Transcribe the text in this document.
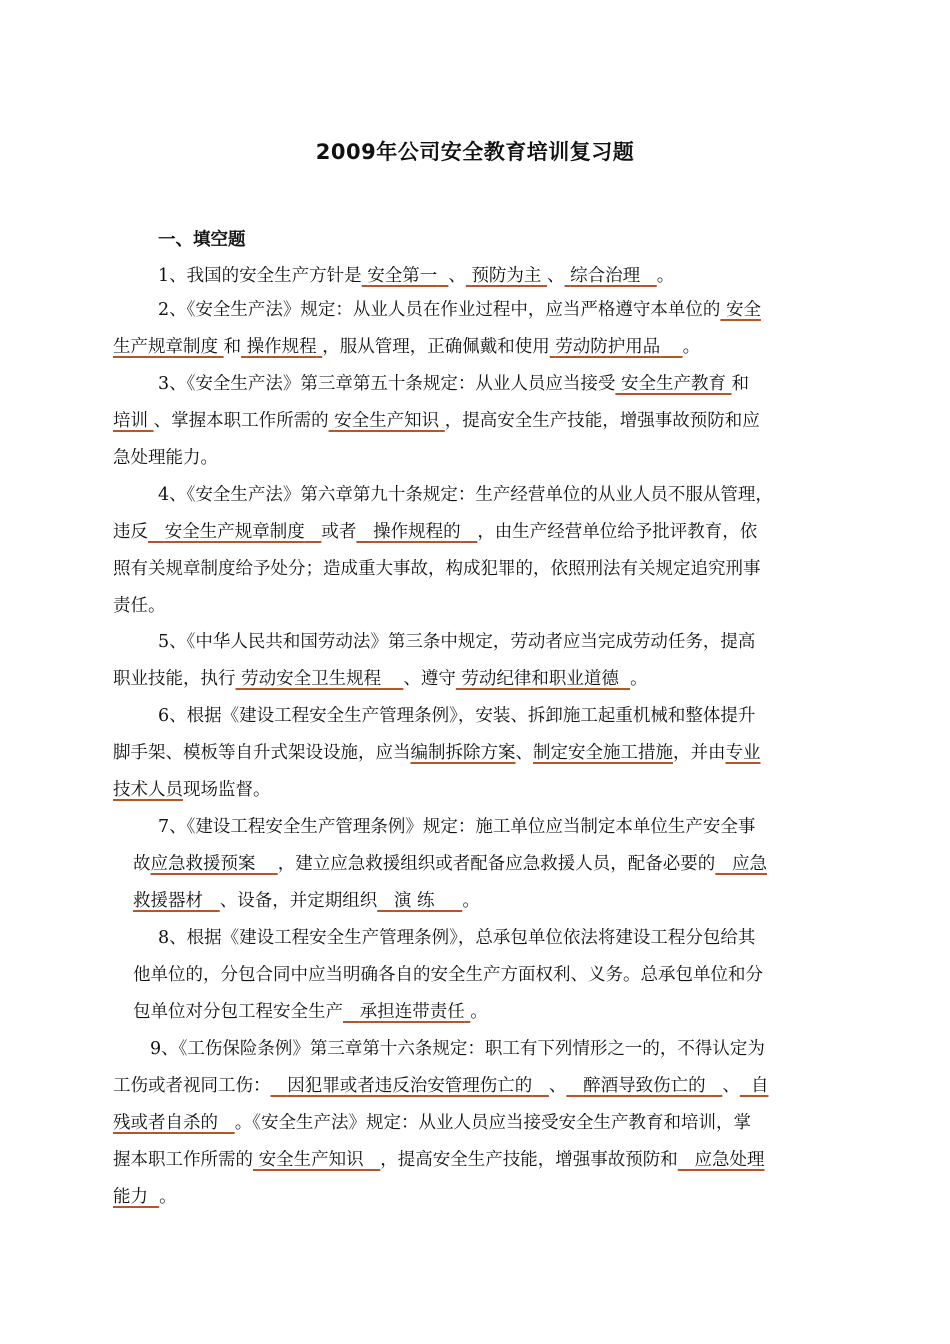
2009年公司安全教育培训复习题
一、填空题
1、我国的安全生产方针是 安全第一 、 预防为主 、 综合治理 。
2、《安全生产法》规定：从业人员在作业过程中，应当严格遵守本单位的 安全
生产规章制度 和 操作规程 ，服从管理，正确佩戴和使用 劳动防护用品 。
3、《安全生产法》第三章第五十条规定：从业人员应当接受 安全生产教育 和
培训 、掌握本职工作所需的 安全生产知识 ，提高安全生产技能，增强事故预防和应
急处理能力。
4、《安全生产法》第六章第九十条规定：生产经营单位的从业人员不服从管理，
违反 安全生产规章制度 或者 操作规程的 ，由生产经营单位给予批评教育，依
照有关规章制度给予处分；造成重大事故，构成犯罪的，依照刑法有关规定追究刑事
责任。
5、《中华人民共和国劳动法》第三条中规定，劳动者应当完成劳动任务，提高
职业技能，执行 劳动安全卫生规程 、遵守 劳动纪律和职业道德 。
6、根据《建设工程安全生产管理条例》，安装、拆卸施工起重机械和整体提升
脚手架、模板等自升式架设设施，应当编制拆除方案、制定安全施工措施，并由专业
技术人员现场监督。
7、《建设工程安全生产管理条例》规定：施工单位应当制定本单位生产安全事
故应急救援预案 ，建立应急救援组织或者配备应急救援人员，配备必要的 应急
救援器材 、设备，并定期组织 演 练 。
8、根据《建设工程安全生产管理条例》，总承包单位依法将建设工程分包给其
他单位的，分包合同中应当明确各自的安全生产方面权利、义务。总承包单位和分
包单位对分包工程安全生产 承担连带责任 。
9、《工伤保险条例》第三章第十六条规定：职工有下列情形之一的，不得认定为
工伤或者视同工伤： 因犯罪或者违反治安管理伤亡的 、 醉酒导致伤亡的 、 自
残或者自杀的 。《安全生产法》规定：从业人员应当接受安全生产教育和培训，掌
握本职工作所需的 安全生产知识 ，提高安全生产技能，增强事故预防和 应急处理
能力 。
